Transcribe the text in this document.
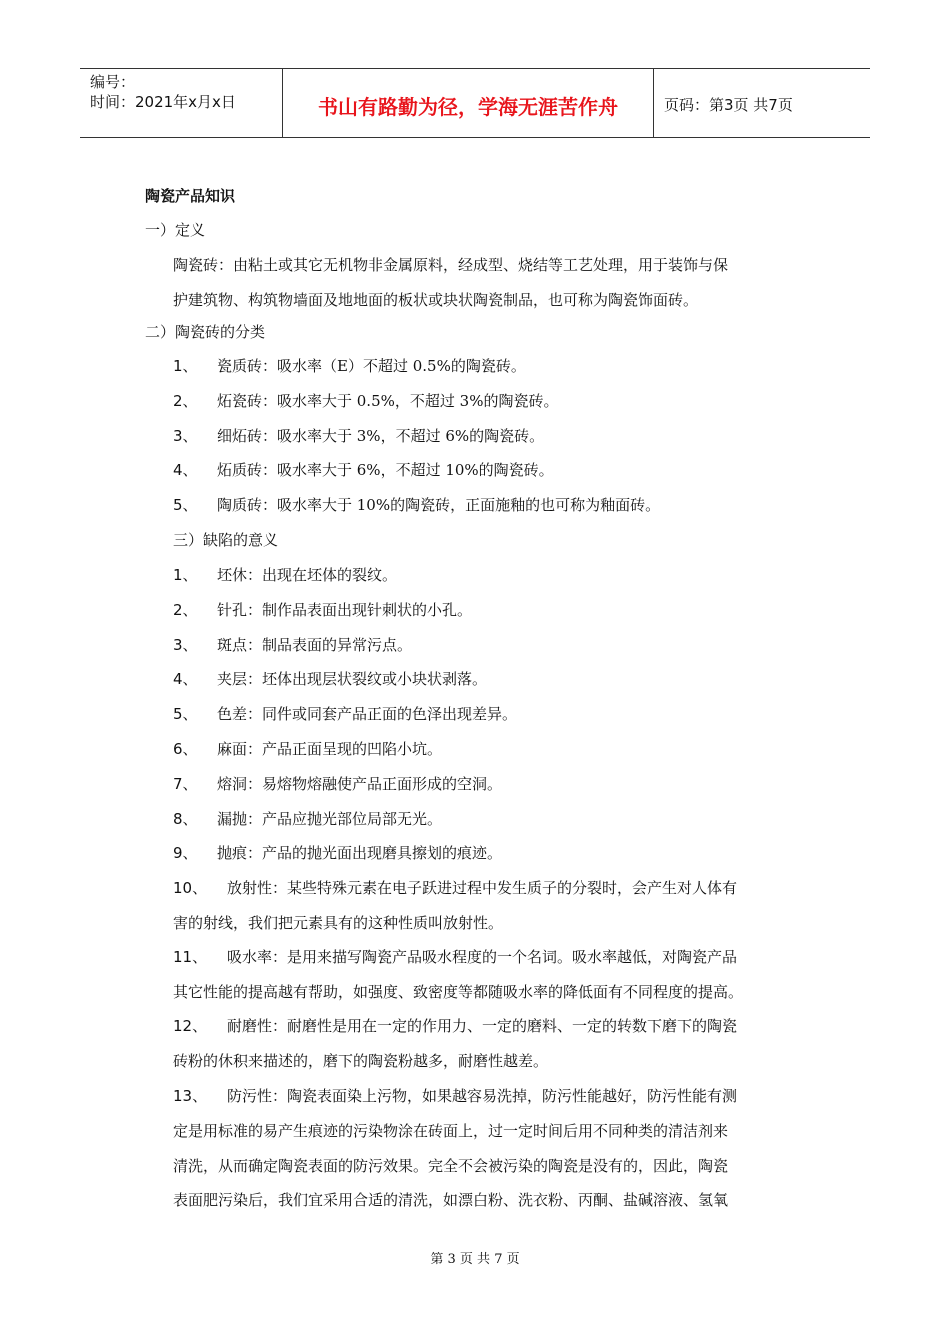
编号：
时间：2021年x月x日	书山有路勤为径，学海无涯苦作舟	页码：第3页 共7页
陶瓷产品知识
一）定义
陶瓷砖：由粘土或其它无机物非金属原料，经成型、烧结等工艺处理，用于装饰与保
护建筑物、构筑物墙面及地地面的板状或块状陶瓷制品，也可称为陶瓷饰面砖。
二）陶瓷砖的分类
1、 瓷质砖：吸水率（E）不超过 0.5%的陶瓷砖。
2、 炻瓷砖：吸水率大于 0.5%，不超过 3%的陶瓷砖。
3、 细炻砖：吸水率大于 3%，不超过 6%的陶瓷砖。
4、 炻质砖：吸水率大于 6%，不超过 10%的陶瓷砖。
5、 陶质砖：吸水率大于 10%的陶瓷砖，正面施釉的也可称为釉面砖。
三）缺陷的意义
1、 坯休：出现在坯体的裂纹。
2、 针孔：制作品表面出现针刺状的小孔。
3、 斑点：制品表面的异常污点。
4、 夹层：坯体出现层状裂纹或小块状剥落。
5、 色差：同件或同套产品正面的色泽出现差异。
6、 麻面：产品正面呈现的凹陷小坑。
7、 熔洞：易熔物熔融使产品正面形成的空洞。
8、 漏抛：产品应抛光部位局部无光。
9、 抛痕：产品的抛光面出现磨具擦划的痕迹。
10、 放射性：某些特殊元素在电子跃进过程中发生质子的分裂时，会产生对人体有
害的射线，我们把元素具有的这种性质叫放射性。
11、 吸水率：是用来描写陶瓷产品吸水程度的一个名词。吸水率越低，对陶瓷产品
其它性能的提高越有帮助，如强度、致密度等都随吸水率的降低面有不同程度的提高。
12、 耐磨性：耐磨性是用在一定的作用力、一定的磨料、一定的转数下磨下的陶瓷
砖粉的休积来描述的，磨下的陶瓷粉越多，耐磨性越差。
13、 防污性：陶瓷表面染上污物，如果越容易洗掉，防污性能越好，防污性能有测
定是用标准的易产生痕迹的污染物涂在砖面上，过一定时间后用不同种类的清洁剂来
清洗，从而确定陶瓷表面的防污效果。完全不会被污染的陶瓷是没有的，因此，陶瓷
表面肥污染后，我们宜采用合适的清洗，如漂白粉、洗衣粉、丙酮、盐碱溶液、氢氧
第 3 页 共 7 页
